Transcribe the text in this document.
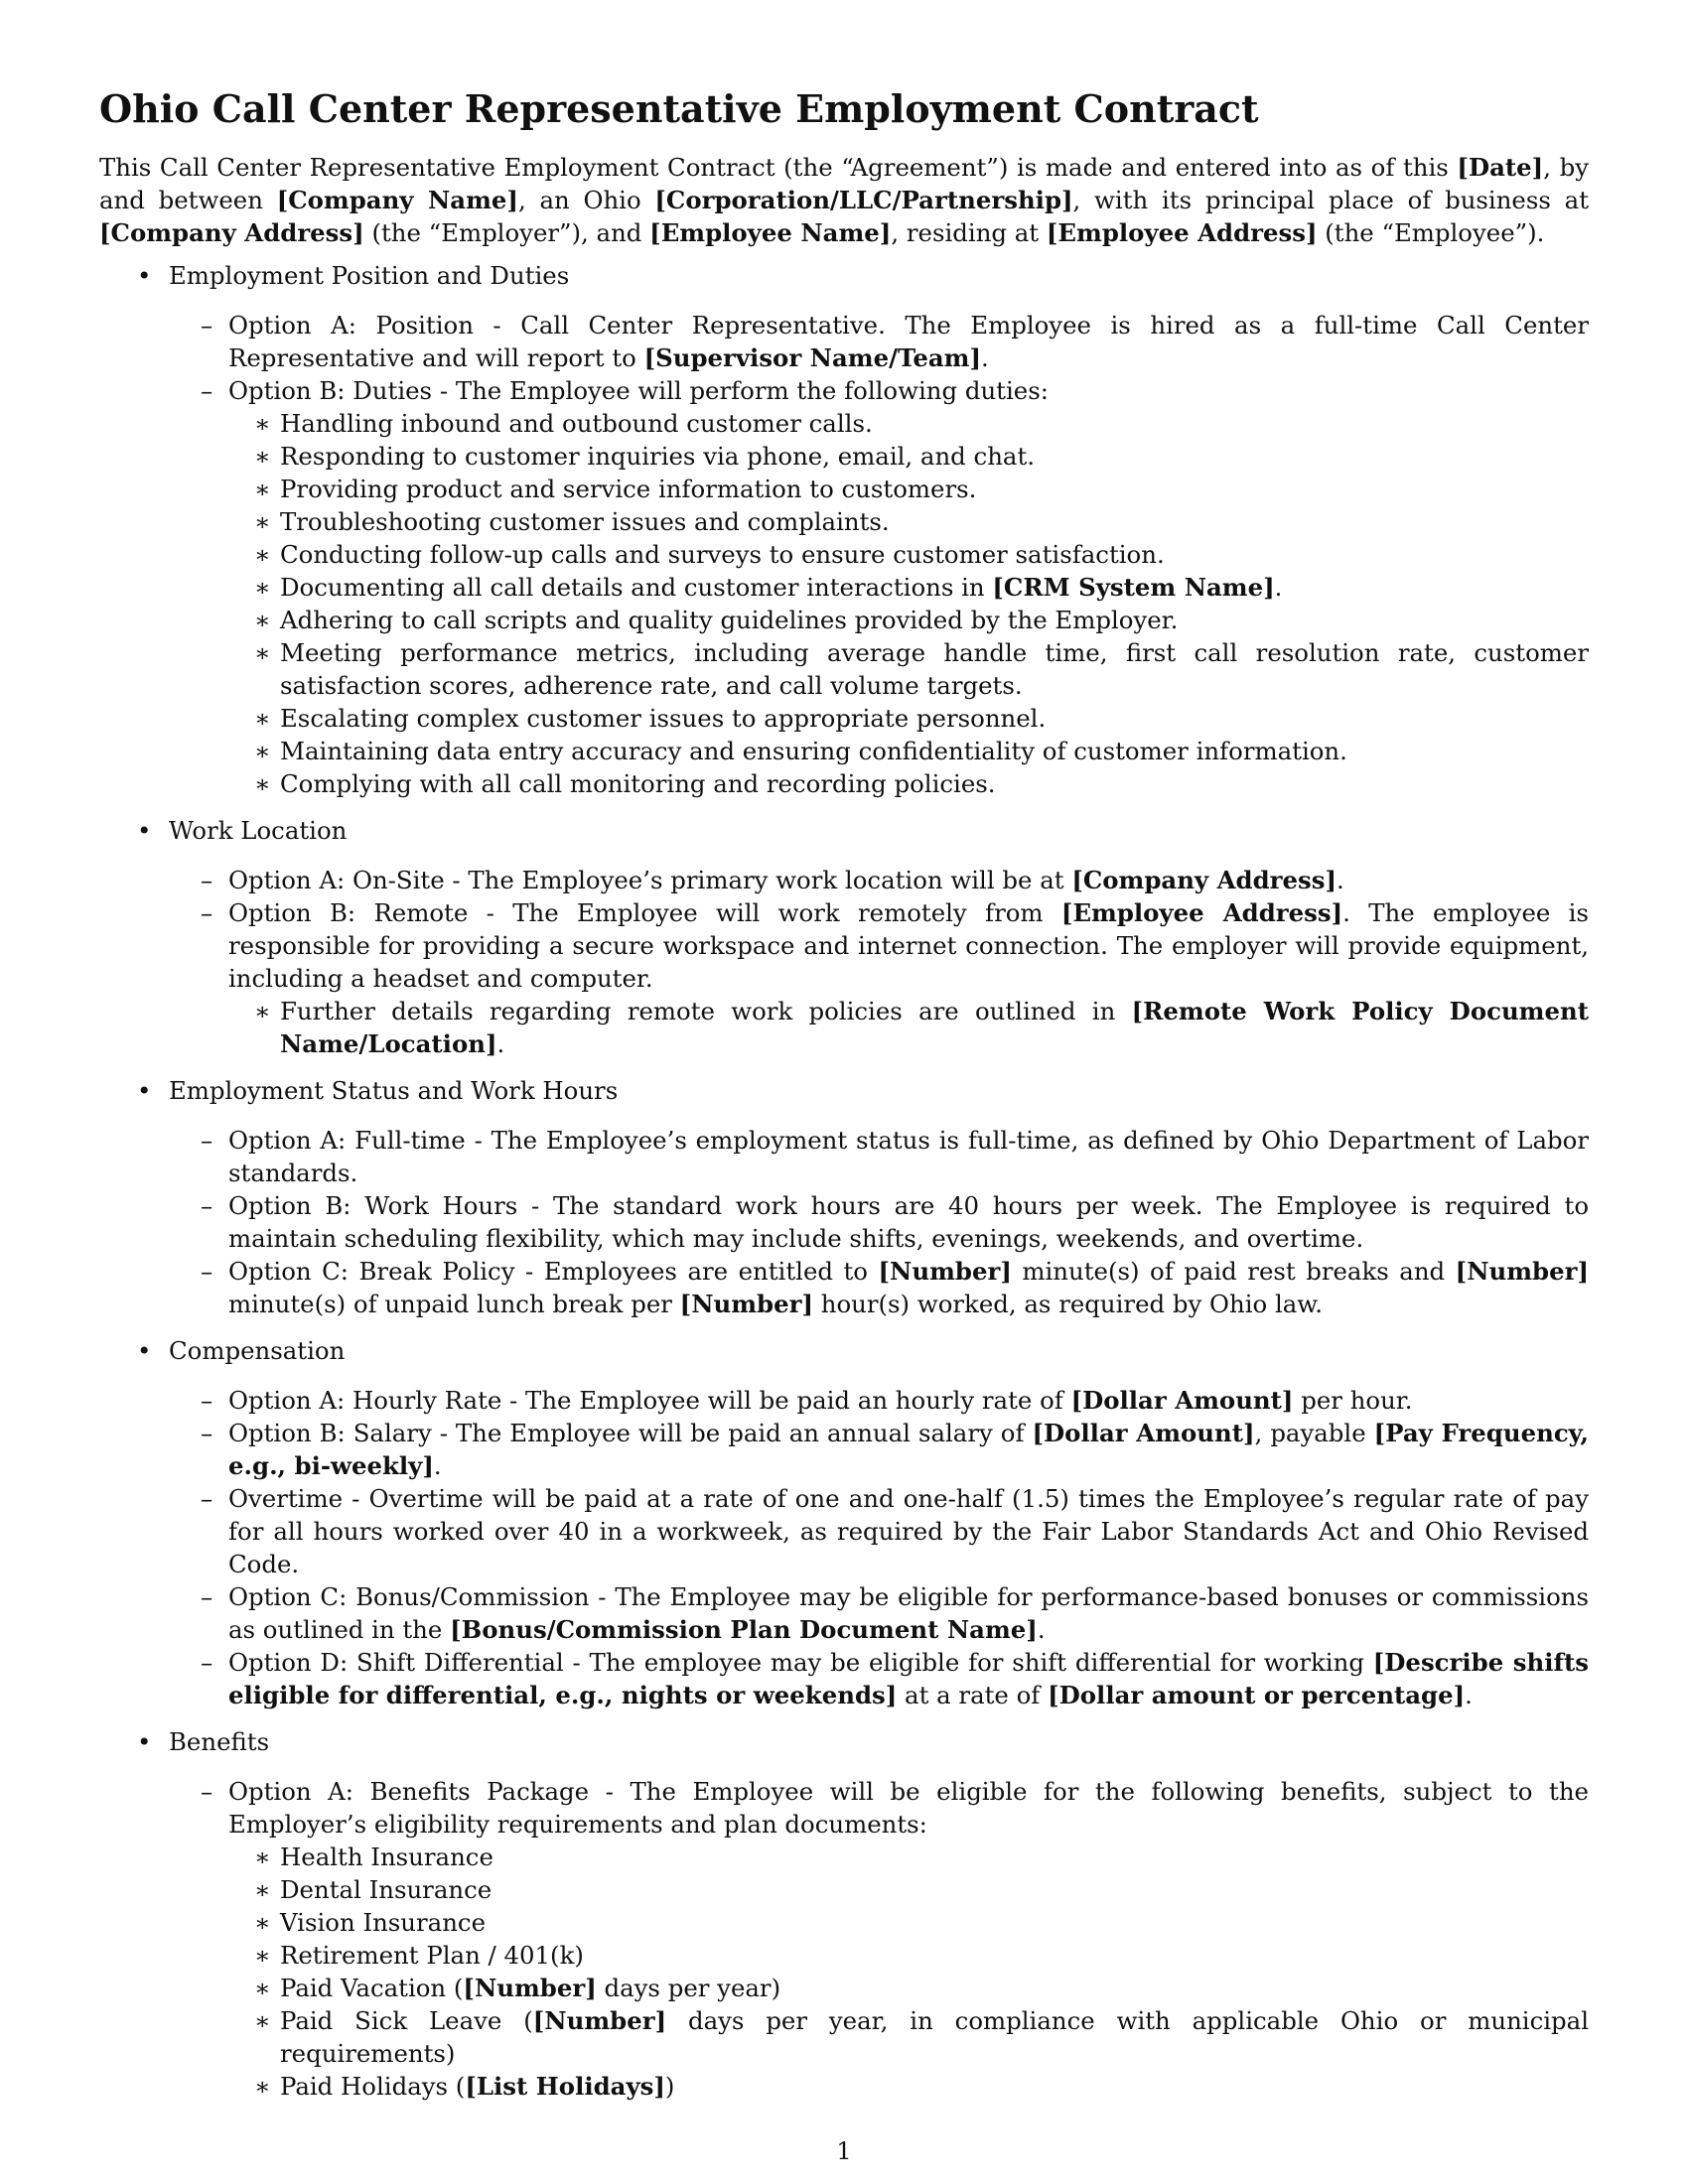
Ohio Call Center Representative Employment Contract

This Call Center Representative Employment Contract (the “Agreement”) is made and entered into as of this [Date], by and between [Company Name], an Ohio [Corporation/LLC/Partnership], with its principal place of business at [Company Address] (the “Employer”), and [Employee Name], residing at [Employee Address] (the “Employee”).

• Employment Position and Duties
– Option A: Position - Call Center Representative. The Employee is hired as a full-time Call Center Representative and will report to [Supervisor Name/Team].
– Option B: Duties - The Employee will perform the following duties:
∗ Handling inbound and outbound customer calls.
∗ Responding to customer inquiries via phone, email, and chat.
∗ Providing product and service information to customers.
∗ Troubleshooting customer issues and complaints.
∗ Conducting follow-up calls and surveys to ensure customer satisfaction.
∗ Documenting all call details and customer interactions in [CRM System Name].
∗ Adhering to call scripts and quality guidelines provided by the Employer.
∗ Meeting performance metrics, including average handle time, first call resolution rate, customer satisfaction scores, adherence rate, and call volume targets.
∗ Escalating complex customer issues to appropriate personnel.
∗ Maintaining data entry accuracy and ensuring confidentiality of customer information.
∗ Complying with all call monitoring and recording policies.
• Work Location
– Option A: On-Site - The Employee’s primary work location will be at [Company Address].
– Option B: Remote - The Employee will work remotely from [Employee Address]. The employee is responsible for providing a secure workspace and internet connection. The employer will provide equipment, including a headset and computer.
∗ Further details regarding remote work policies are outlined in [Remote Work Policy Document Name/Location].
• Employment Status and Work Hours
– Option A: Full-time - The Employee’s employment status is full-time, as defined by Ohio Department of Labor standards.
– Option B: Work Hours - The standard work hours are 40 hours per week. The Employee is required to maintain scheduling flexibility, which may include shifts, evenings, weekends, and overtime.
– Option C: Break Policy - Employees are entitled to [Number] minute(s) of paid rest breaks and [Number] minute(s) of unpaid lunch break per [Number] hour(s) worked, as required by Ohio law.
• Compensation
– Option A: Hourly Rate - The Employee will be paid an hourly rate of [Dollar Amount] per hour.
– Option B: Salary - The Employee will be paid an annual salary of [Dollar Amount], payable [Pay Frequency, e.g., bi-weekly].
– Overtime - Overtime will be paid at a rate of one and one-half (1.5) times the Employee’s regular rate of pay for all hours worked over 40 in a workweek, as required by the Fair Labor Standards Act and Ohio Revised Code.
– Option C: Bonus/Commission - The Employee may be eligible for performance-based bonuses or commissions as outlined in the [Bonus/Commission Plan Document Name].
– Option D: Shift Differential - The employee may be eligible for shift differential for working [Describe shifts eligible for differential, e.g., nights or weekends] at a rate of [Dollar amount or percentage].
• Benefits
– Option A: Benefits Package - The Employee will be eligible for the following benefits, subject to the Employer’s eligibility requirements and plan documents:
∗ Health Insurance
∗ Dental Insurance
∗ Vision Insurance
∗ Retirement Plan / 401(k)
∗ Paid Vacation ([Number] days per year)
∗ Paid Sick Leave ([Number] days per year, in compliance with applicable Ohio or municipal requirements)
∗ Paid Holidays ([List Holidays])
1
